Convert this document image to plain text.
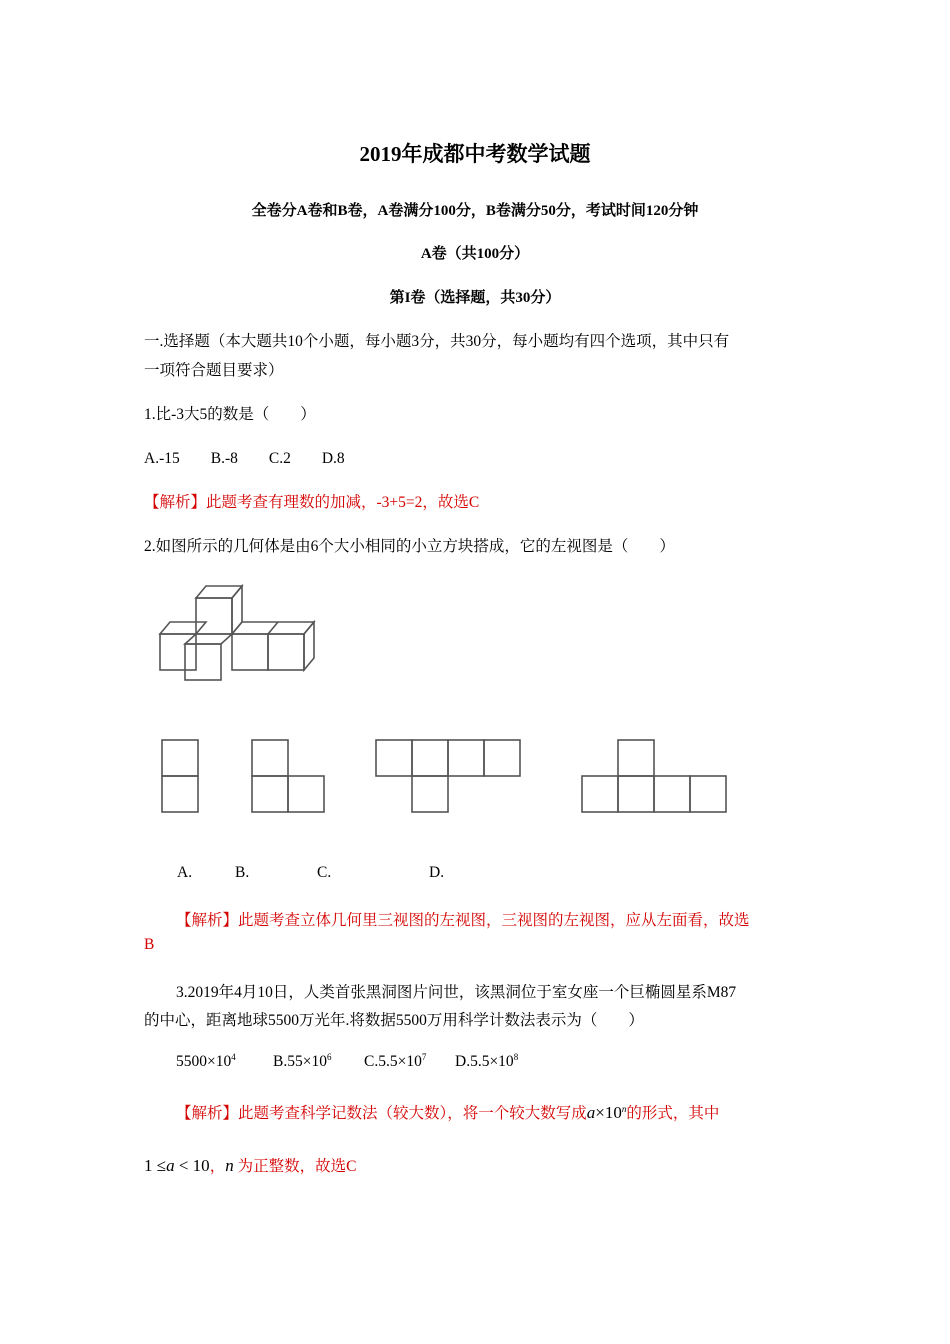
2019年成都中考数学试题
全卷分A卷和B卷，A卷满分100分，B卷满分50分，考试时间120分钟
A卷（共100分）
第I卷（选择题，共30分）
一.选择题（本大题共10个小题，每小题3分，共30分，每小题均有四个选项，其中只有
一项符合题目要求）
1.比-3大5的数是（　　）
A.-15　　B.-8　　C.2　　D.8
【解析】此题考查有理数的加减，-3+5=2，故选C
2.如图所示的几何体是由6个大小相同的小立方块搭成，它的左视图是（　　）
A.	B.	C.	D.
【解析】此题考查立体几何里三视图的左视图，三视图的左视图，应从左面看，故选
B
3.2019年4月10日，人类首张黑洞图片问世，该黑洞位于室女座一个巨椭圆星系M87
的中心，距离地球5500万光年.将数据5500万用科学计数法表示为（　　）
$5500\times 10^4$ $B.55\times 10^6$ $C.5.5\times 10^7$ $D.5.5\times 10^8$
【解析】此题考查科学记数法（较大数），将一个较大数写成$a\times 10^n$的形式，其中
1 ≤a < 10，n 为正整数，故选C
